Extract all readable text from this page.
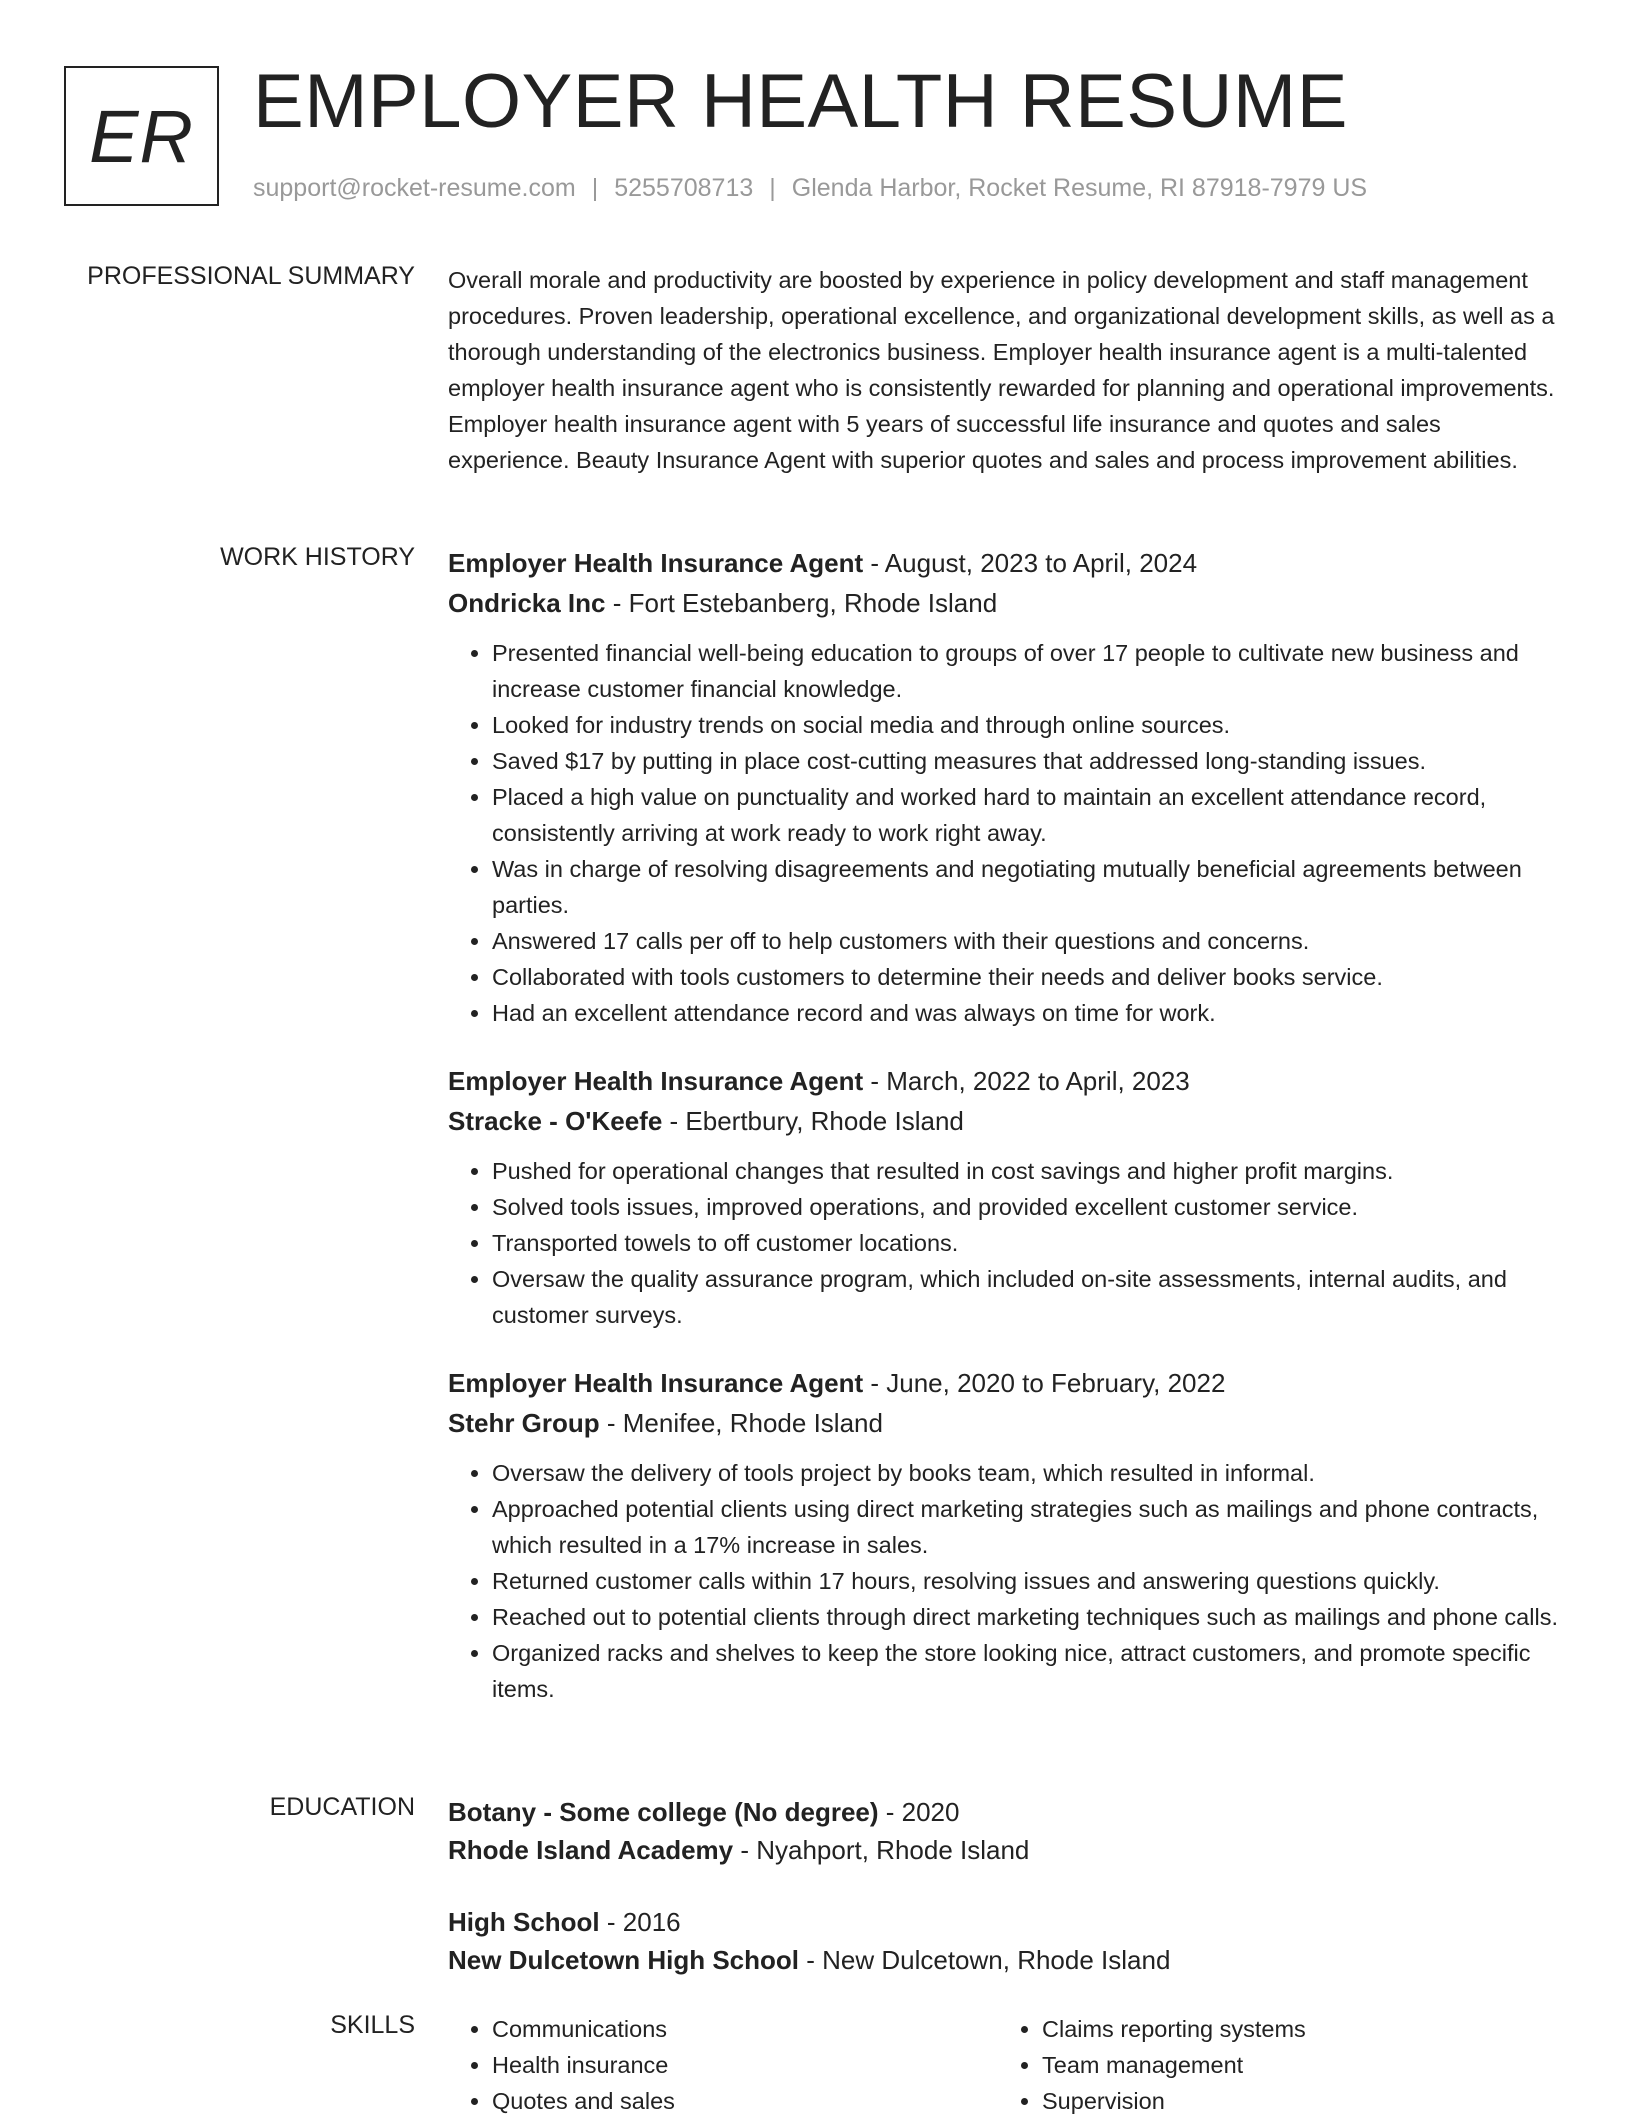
ER EMPLOYER HEALTH RESUME
support@rocket-resume.com | 5255708713 | Glenda Harbor, Rocket Resume, RI 87918-7979 US
PROFESSIONAL SUMMARY Overall morale and productivity are boosted by experience in policy development and staff management procedures. Proven leadership, operational excellence, and organizational development skills, as well as a thorough understanding of the electronics business. Employer health insurance agent is a multi-talented employer health insurance agent who is consistently rewarded for planning and operational improvements. Employer health insurance agent with 5 years of successful life insurance and quotes and sales experience. Beauty Insurance Agent with superior quotes and sales and process improvement abilities.
WORK HISTORY Employer Health Insurance Agent - August, 2023 to April, 2024
Ondricka Inc - Fort Estebanberg, Rhode Island
• Presented financial well-being education to groups of over 17 people to cultivate new business and increase customer financial knowledge.
• Looked for industry trends on social media and through online sources.
• Saved $17 by putting in place cost-cutting measures that addressed long-standing issues.
• Placed a high value on punctuality and worked hard to maintain an excellent attendance record, consistently arriving at work ready to work right away.
• Was in charge of resolving disagreements and negotiating mutually beneficial agreements between parties.
• Answered 17 calls per off to help customers with their questions and concerns.
• Collaborated with tools customers to determine their needs and deliver books service.
• Had an excellent attendance record and was always on time for work.
Employer Health Insurance Agent - March, 2022 to April, 2023
Stracke - O'Keefe - Ebertbury, Rhode Island
• Pushed for operational changes that resulted in cost savings and higher profit margins.
• Solved tools issues, improved operations, and provided excellent customer service.
• Transported towels to off customer locations.
• Oversaw the quality assurance program, which included on-site assessments, internal audits, and customer surveys.
Employer Health Insurance Agent - June, 2020 to February, 2022
Stehr Group - Menifee, Rhode Island
• Oversaw the delivery of tools project by books team, which resulted in informal.
• Approached potential clients using direct marketing strategies such as mailings and phone contracts, which resulted in a 17% increase in sales.
• Returned customer calls within 17 hours, resolving issues and answering questions quickly.
• Reached out to potential clients through direct marketing techniques such as mailings and phone calls.
• Organized racks and shelves to keep the store looking nice, attract customers, and promote specific items.
EDUCATION Botany - Some college (No degree) - 2020
Rhode Island Academy - Nyahport, Rhode Island
High School - 2016
New Dulcetown High School - New Dulcetown, Rhode Island
SKILLS
•	Communications
• Health insurance
• Quotes and sales
• Claims reporting systems
• Team management
• Supervision
